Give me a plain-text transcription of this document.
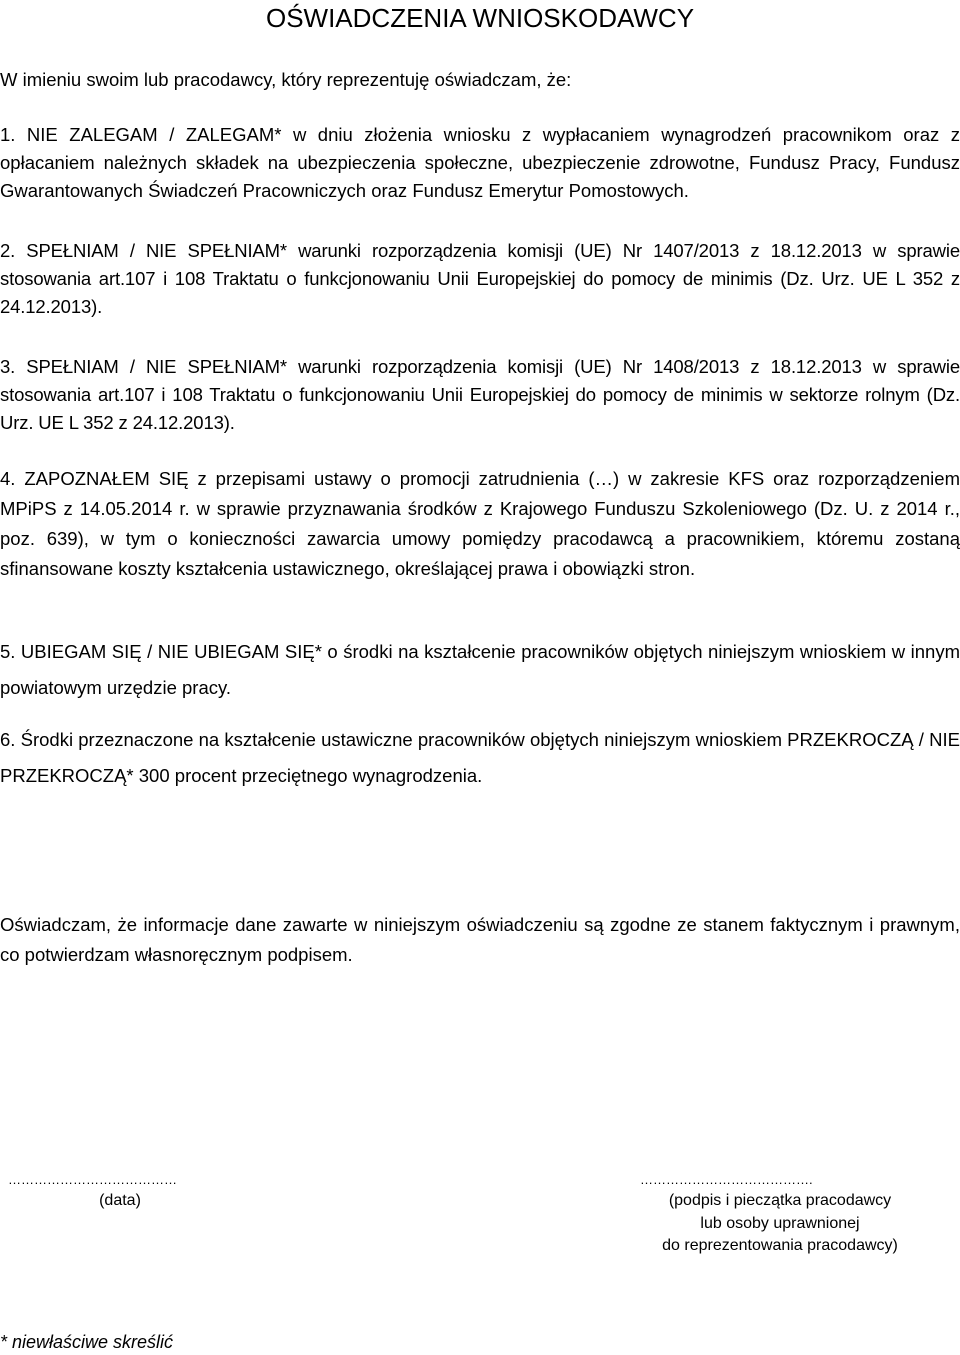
OŚWIADCZENIA WNIOSKODAWCY
W imieniu swoim lub pracodawcy, który reprezentuję oświadczam, że:

1. NIE ZALEGAM / ZALEGAM* w dniu złożenia wniosku z wypłacaniem wynagrodzeń pracownikom oraz z opłacaniem należnych składek na ubezpieczenia społeczne, ubezpieczenie zdrowotne, Fundusz Pracy, Fundusz Gwarantowanych Świadczeń Pracowniczych oraz Fundusz Emerytur Pomostowych.

2. SPEŁNIAM / NIE SPEŁNIAM* warunki rozporządzenia komisji (UE) Nr 1407/2013 z 18.12.2013 w sprawie stosowania art.107 i 108 Traktatu o funkcjonowaniu Unii Europejskiej do pomocy de minimis (Dz. Urz. UE L 352 z 24.12.2013).

3. SPEŁNIAM / NIE SPEŁNIAM* warunki rozporządzenia komisji (UE) Nr 1408/2013 z 18.12.2013 w sprawie stosowania art.107 i 108 Traktatu o funkcjonowaniu Unii Europejskiej do pomocy de minimis w sektorze rolnym (Dz. Urz. UE L 352 z 24.12.2013).

4. ZAPOZNAŁEM SIĘ z przepisami ustawy o promocji zatrudnienia (…) w zakresie KFS oraz rozporządzeniem MPiPS z 14.05.2014 r. w sprawie przyznawania środków z Krajowego Funduszu Szkoleniowego (Dz. U. z 2014 r., poz. 639), w tym o konieczności zawarcia umowy pomiędzy pracodawcą a pracownikiem, któremu zostaną sfinansowane koszty kształcenia ustawicznego, określającej prawa i obowiązki stron.

5. UBIEGAM SIĘ / NIE UBIEGAM SIĘ* o środki na kształcenie pracowników objętych niniejszym wnioskiem w innym powiatowym urzędzie pracy.

6. Środki przeznaczone na kształcenie ustawiczne pracowników objętych niniejszym wnioskiem PRZEKROCZĄ / NIE PRZEKROCZĄ* 300 procent przeciętnego wynagrodzenia.

Oświadczam, że informacje dane zawarte w niniejszym oświadczeniu są zgodne ze stanem faktycznym i prawnym, co potwierdzam własnoręcznym podpisem.

…………………………………
(data)
………………………………….
(podpis i pieczątka pracodawcy
lub osoby uprawnionej
do reprezentowania pracodawcy)
* niewłaściwe skreślić
